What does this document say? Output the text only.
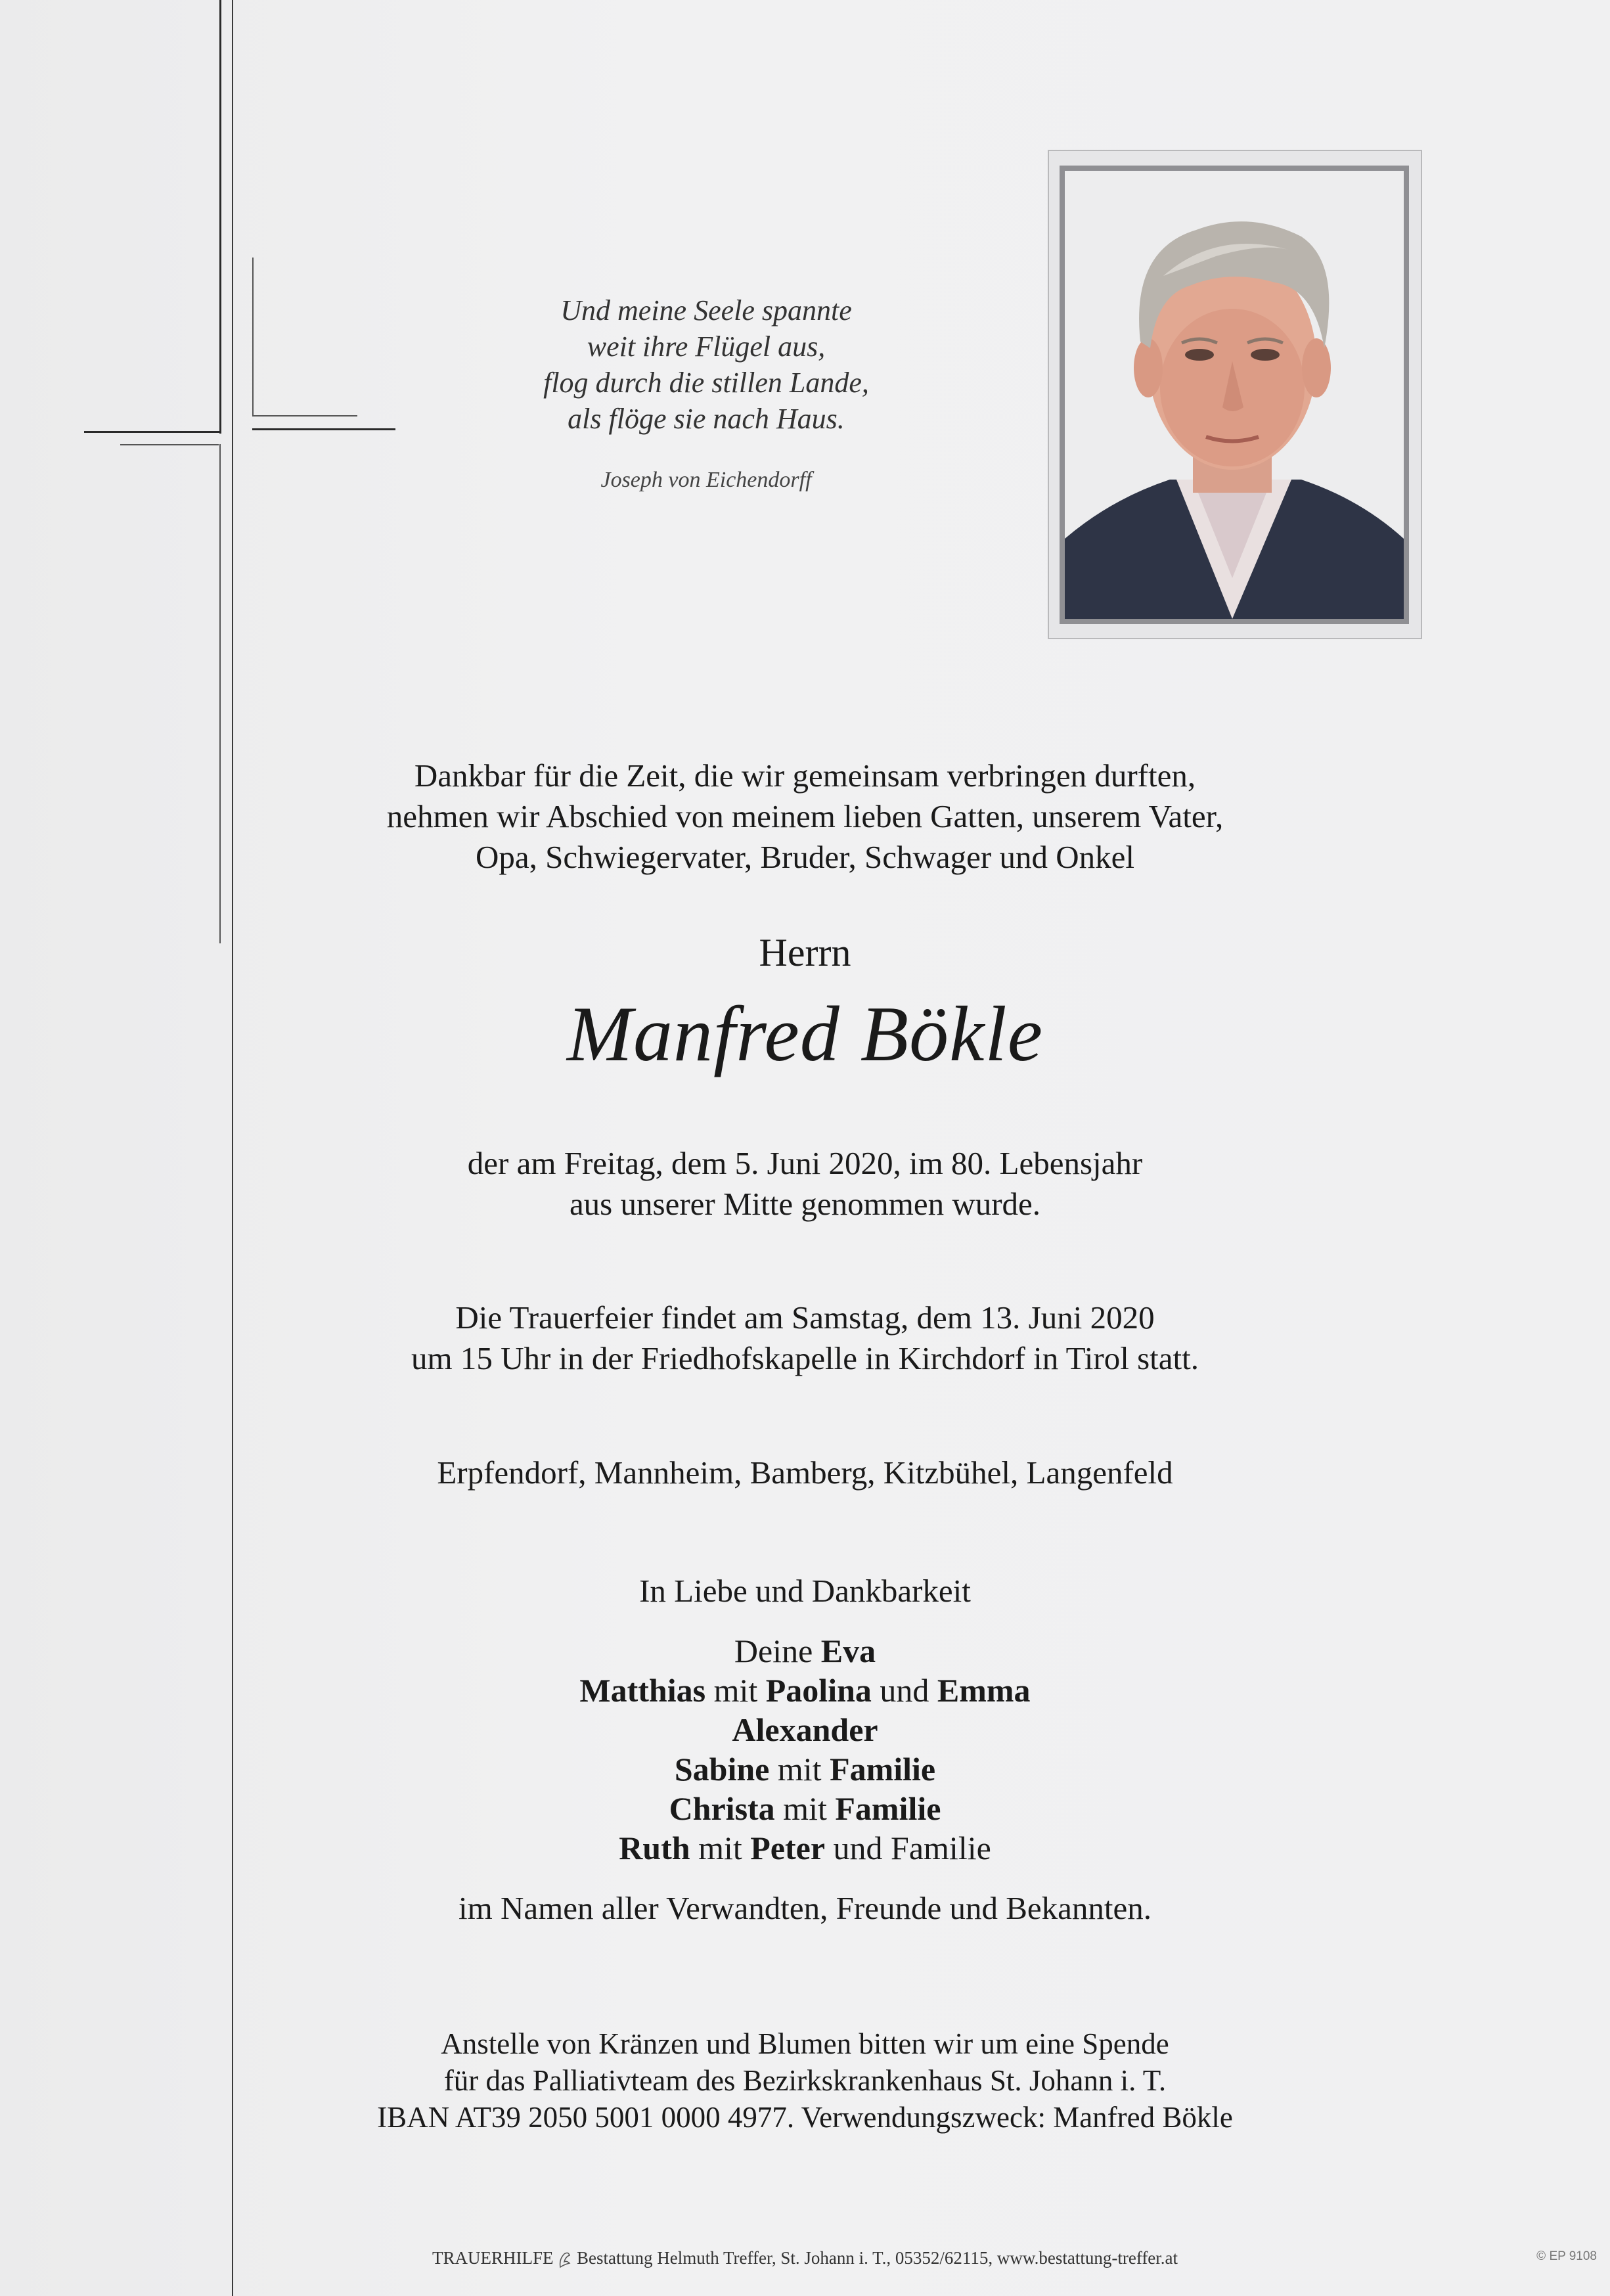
Und meine Seele spannte
weit ihre Flügel aus,
flog durch die stillen Lande,
als flöge sie nach Haus.
Joseph von Eichendorff
Dankbar für die Zeit, die wir gemeinsam verbringen durften,
nehmen wir Abschied von meinem lieben Gatten, unserem Vater,
Opa, Schwiegervater, Bruder, Schwager und Onkel
Herrn
Manfred Bökle
der am Freitag, dem 5. Juni 2020, im 80. Lebensjahr
aus unserer Mitte genommen wurde.
Die Trauerfeier findet am Samstag, dem 13. Juni 2020
um 15 Uhr in der Friedhofskapelle in Kirchdorf in Tirol statt.
Erpfendorf, Mannheim, Bamberg, Kitzbühel, Langenfeld
In Liebe und Dankbarkeit
Deine Eva
Matthias mit Paolina und Emma
Alexander
Sabine mit Familie
Christa mit Familie
Ruth mit Peter und Familie
im Namen aller Verwandten, Freunde und Bekannten.
Anstelle von Kränzen und Blumen bitten wir um eine Spende
für das Palliativteam des Bezirkskrankenhaus St. Johann i. T.
IBAN AT39 2050 5001 0000 4977. Verwendungszweck: Manfred Bökle
TRAUERHILFE Bestattung Helmuth Treffer, St. Johann i. T., 05352/62115, www.bestattung-treffer.at	© EP 9108
